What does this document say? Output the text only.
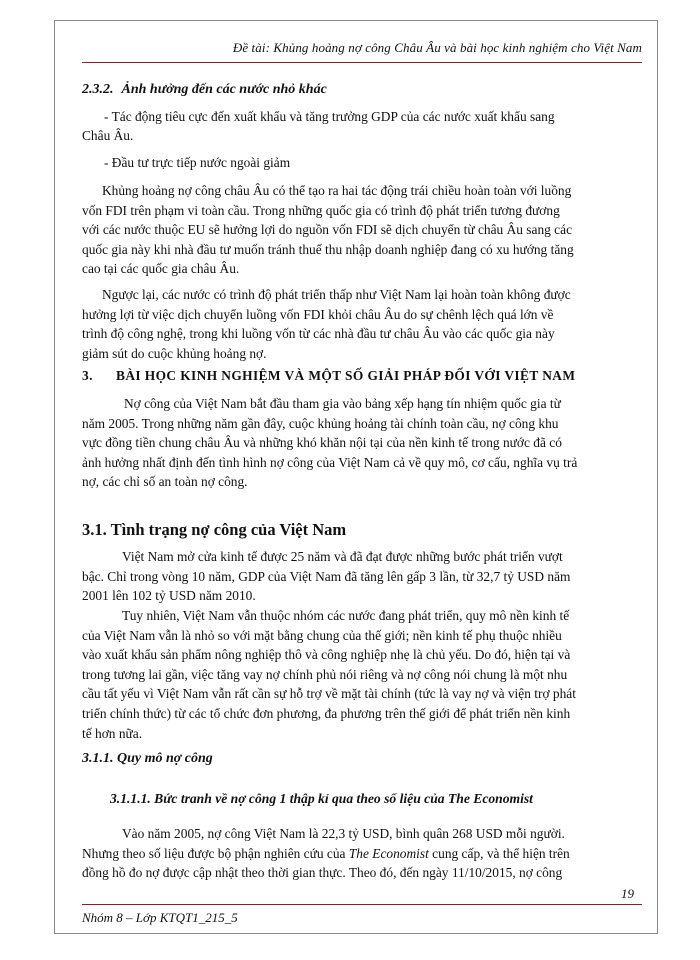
Đề tài: Khủng hoảng nợ công Châu Âu và bài học kinh nghiệm cho Việt Nam
2.3.2. Ảnh hưởng đến các nước nhỏ khác
- Tác động tiêu cực đến xuất khẩu và tăng trưởng GDP của các nước xuất khẩu sang
Châu Âu.
- Đầu tư trực tiếp nước ngoài giảm
Khủng hoảng nợ công châu Âu có thể tạo ra hai tác động trái chiều hoàn toàn với luồng
vốn FDI trên phạm vi toàn cầu. Trong những quốc gia có trình độ phát triển tương đương
với các nước thuộc EU sẽ hưởng lợi do nguồn vốn FDI sẽ dịch chuyển từ châu Âu sang các
quốc gia này khi nhà đầu tư muốn tránh thuế thu nhập doanh nghiệp đang có xu hướng tăng
cao tại các quốc gia châu Âu.
Ngược lại, các nước có trình độ phát triển thấp như Việt Nam lại hoàn toàn không được
hưởng lợi từ việc dịch chuyển luồng vốn FDI khỏi châu Âu do sự chênh lệch quá lớn về
trình độ công nghệ, trong khi luồng vốn từ các nhà đầu tư châu Âu vào các quốc gia này
giảm sút do cuộc khủng hoảng nợ.
3. BÀI HỌC KINH NGHIỆM VÀ MỘT SỐ GIẢI PHÁP ĐỐI VỚI VIỆT NAM
Nợ công của Việt Nam bắt đầu tham gia vào bảng xếp hạng tín nhiệm quốc gia từ
năm 2005. Trong những năm gần đây, cuộc khủng hoảng tài chính toàn cầu, nợ công khu
vực đồng tiền chung châu Âu và những khó khăn nội tại của nền kinh tế trong nước đã có
ảnh hưởng nhất định đến tình hình nợ công của Việt Nam cả về quy mô, cơ cấu, nghĩa vụ trả
nợ, các chỉ số an toàn nợ công.
3.1. Tình trạng nợ công của Việt Nam
Việt Nam mở cửa kinh tế được 25 năm và đã đạt được những bước phát triển vượt
bậc. Chỉ trong vòng 10 năm, GDP của Việt Nam đã tăng lên gấp 3 lần, từ 32,7 tỷ USD năm
2001 lên 102 tỷ USD năm 2010.
Tuy nhiên, Việt Nam vẫn thuộc nhóm các nước đang phát triển, quy mô nền kinh tế
của Việt Nam vẫn là nhỏ so với mặt bằng chung của thế giới; nền kinh tế phụ thuộc nhiều
vào xuất khẩu sản phẩm nông nghiệp thô và công nghiệp nhẹ là chủ yếu. Do đó, hiện tại và
trong tương lai gần, việc tăng vay nợ chính phủ nói riêng và nợ công nói chung là một nhu
cầu tất yếu vì Việt Nam vẫn rất cần sự hỗ trợ về mặt tài chính (tức là vay nợ và viện trợ phát
triển chính thức) từ các tổ chức đơn phương, đa phương trên thế giới để phát triển nền kinh
tế hơn nữa.
3.1.1. Quy mô nợ công
3.1.1.1. Bức tranh về nợ công 1 thập kỉ qua theo số liệu của The Economist
Vào năm 2005, nợ công Việt Nam là 22,3 tỷ USD, bình quân 268 USD mỗi người.
Nhưng theo số liệu được bộ phận nghiên cứu của The Economist cung cấp, và thể hiện trên
đồng hồ đo nợ được cập nhật theo thời gian thực. Theo đó, đến ngày 11/10/2015, nợ công
19
Nhóm 8 – Lớp KTQT1_215_5
